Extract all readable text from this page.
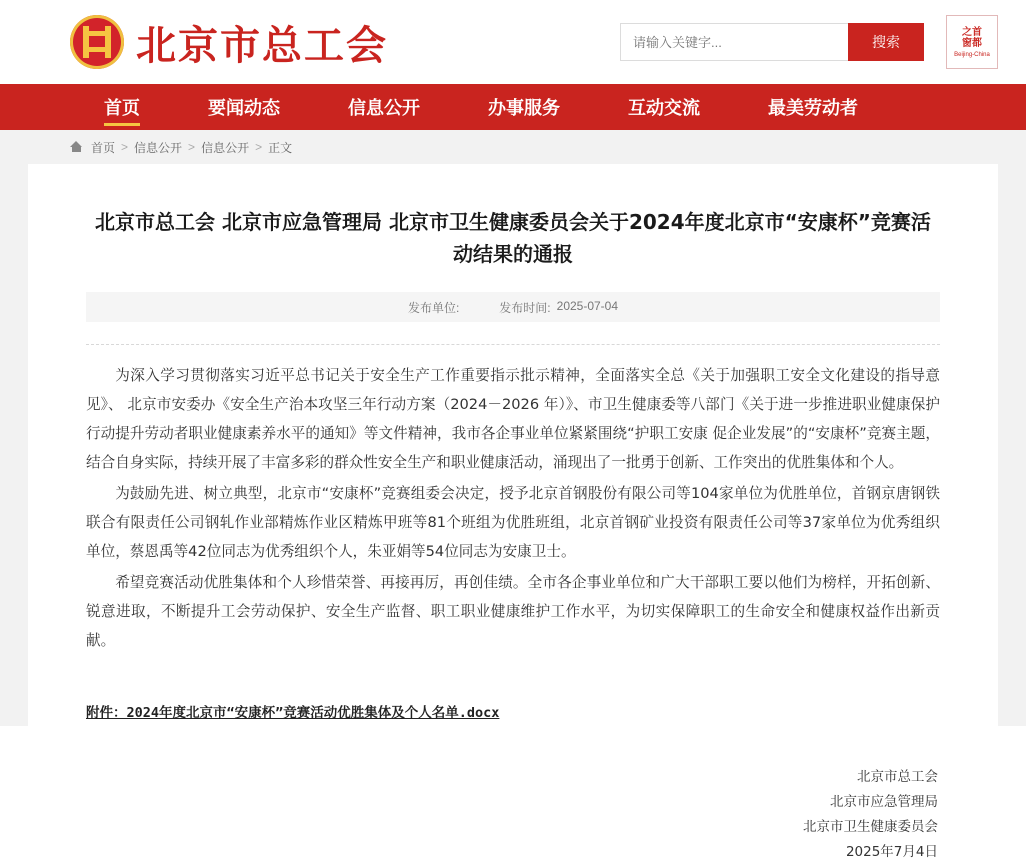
北京市总工会
请输入关键字...	搜索
之首
窗都
Beijing-China
首页	要闻动态	信息公开	办事服务	互动交流	最美劳动者
首页 > 信息公开 > 信息公开 > 正文
北京市总工会 北京市应急管理局 北京市卫生健康委员会关于2024年度北京市“安康杯”竞赛活动结果的通报
发布单位:	发布时间: 2025-07-04

为深入学习贯彻落实习近平总书记关于安全生产工作重要指示批示精神，全面落实全总《关于加强职工安全文化建设的指导意见》、 北京市安委办《安全生产治本攻坚三年行动方案（2024－2026 年）》、市卫生健康委等八部门《关于进一步推进职业健康保护行动提升劳动者职业健康素养水平的通知》等文件精神，我市各企事业单位紧紧围绕“护职工安康 促企业发展”的“安康杯”竞赛主题，结合自身实际，持续开展了丰富多彩的群众性安全生产和职业健康活动，涌现出了一批勇于创新、工作突出的优胜集体和个人。

为鼓励先进、树立典型，北京市“安康杯”竞赛组委会决定，授予北京首钢股份有限公司等104家单位为优胜单位，首钢京唐钢铁联合有限责任公司钢轧作业部精炼作业区精炼甲班等81个班组为优胜班组，北京首钢矿业投资有限责任公司等37家单位为优秀组织单位，蔡恩禹等42位同志为优秀组织个人，朱亚娟等54位同志为安康卫士。

希望竞赛活动优胜集体和个人珍惜荣誉、再接再厉，再创佳绩。全市各企事业单位和广大干部职工要以他们为榜样，开拓创新、锐意进取，不断提升工会劳动保护、安全生产监督、职工职业健康维护工作水平，为切实保障职工的生命安全和健康权益作出新贡献。

附件：2024年度北京市“安康杯”竞赛活动优胜集体及个人名单.docx
北京市总工会
北京市应急管理局
北京市卫生健康委员会
2025年7月4日
